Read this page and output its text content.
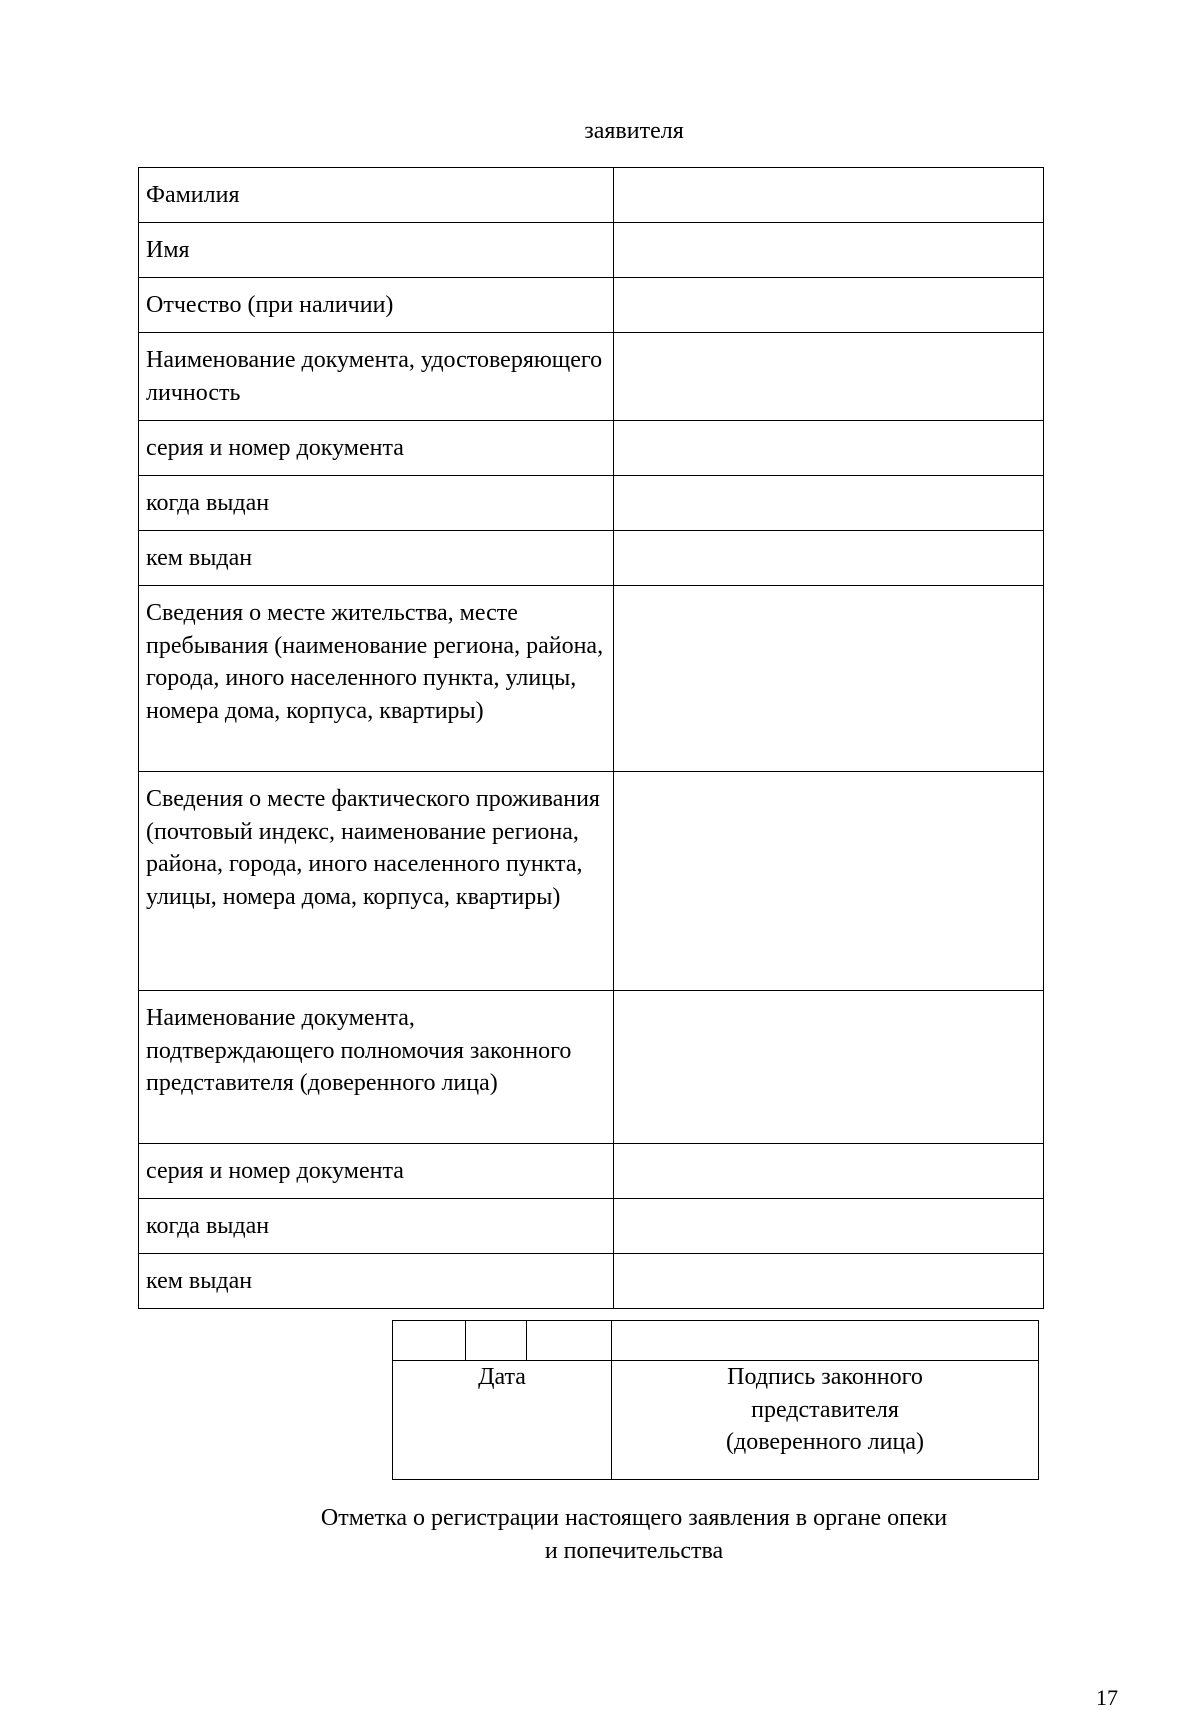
заявителя
Фамилия	
Имя	
Отчество (при наличии)	
Наименование документа, удостоверяющего личность	
серия и номер документа	
когда выдан	
кем выдан	
Сведения о месте жительства, месте пребывания (наименование региона, района, города, иного населенного пункта, улицы, номера дома, корпуса, квартиры)	
Сведения о месте фактического проживания (почтовый индекс, наименование региона, района, города, иного населенного пункта, улицы, номера дома, корпуса, квартиры)	
Наименование документа, подтверждающего полномочия законного представителя (доверенного лица)	
серия и номер документа	
когда выдан	
кем выдан	

Дата			Подпись законного
представителя
(доверенного лица)
Отметка о регистрации настоящего заявления в органе опеки
и попечительства
17
